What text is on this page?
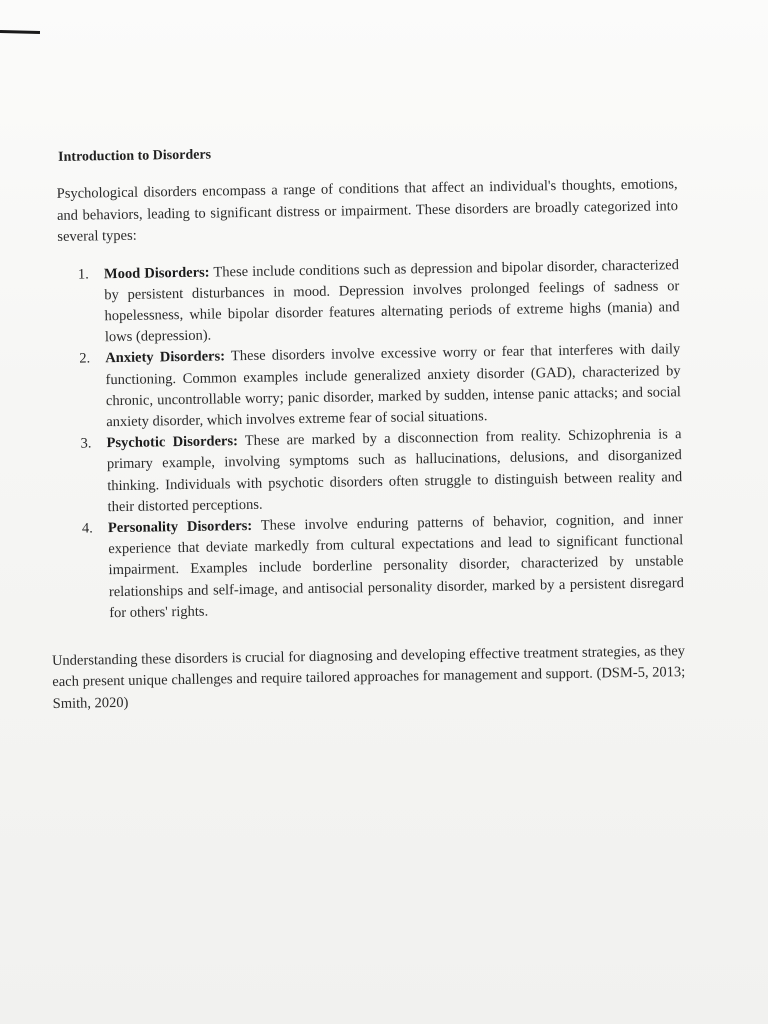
Introduction to Disorders

Psychological disorders encompass a range of conditions that affect an individual's thoughts, emotions, and behaviors, leading to significant distress or impairment. These disorders are broadly categorized into several types:

1. Mood Disorders: These include conditions such as depression and bipolar disorder, characterized by persistent disturbances in mood. Depression involves prolonged feelings of sadness or hopelessness, while bipolar disorder features alternating periods of extreme highs (mania) and lows (depression).
2. Anxiety Disorders: These disorders involve excessive worry or fear that interferes with daily functioning. Common examples include generalized anxiety disorder (GAD), characterized by chronic, uncontrollable worry; panic disorder, marked by sudden, intense panic attacks; and social anxiety disorder, which involves extreme fear of social situations.
3. Psychotic Disorders: These are marked by a disconnection from reality. Schizophrenia is a primary example, involving symptoms such as hallucinations, delusions, and disorganized thinking. Individuals with psychotic disorders often struggle to distinguish between reality and their distorted perceptions.
4. Personality Disorders: These involve enduring patterns of behavior, cognition, and inner experience that deviate markedly from cultural expectations and lead to significant functional impairment. Examples include borderline personality disorder, characterized by unstable relationships and self-image, and antisocial personality disorder, marked by a persistent disregard for others' rights.

Understanding these disorders is crucial for diagnosing and developing effective treatment strategies, as they each present unique challenges and require tailored approaches for management and support. (DSM-5, 2013; Smith, 2020)
